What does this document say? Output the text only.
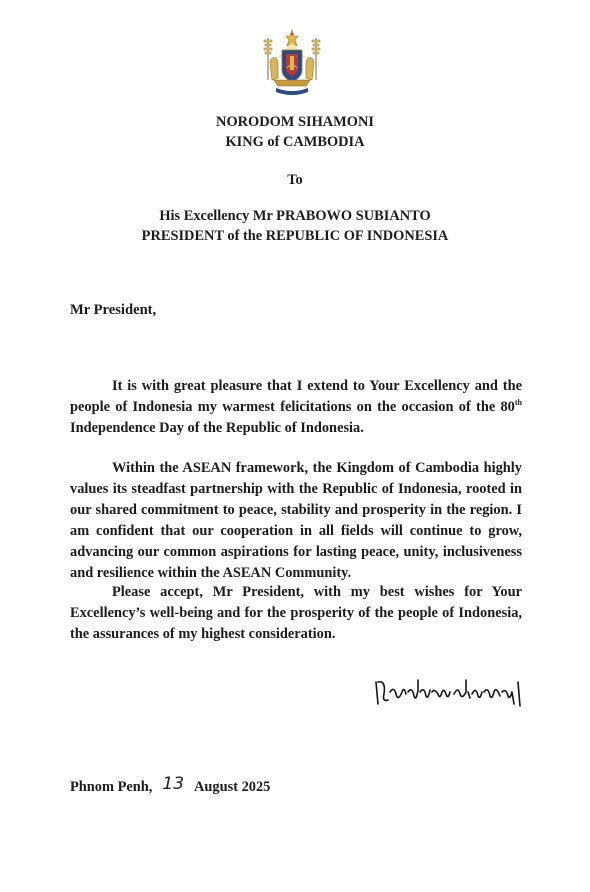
NORODOM SIHAMONI
KING of CAMBODIA
To
His Excellency Mr PRABOWO SUBIANTO
PRESIDENT of the REPUBLIC OF INDONESIA
Mr President,

It is with great pleasure that I extend to Your Excellency and the people of Indonesia my warmest felicitations on the occasion of the 80th Independence Day of the Republic of Indonesia.

Within the ASEAN framework, the Kingdom of Cambodia highly values its steadfast partnership with the Republic of Indonesia, rooted in our shared commitment to peace, stability and prosperity in the region. I am confident that our cooperation in all fields will continue to grow, advancing our common aspirations for lasting peace, unity, inclusiveness and resilience within the ASEAN Community.

Please accept, Mr President, with my best wishes for Your Excellency’s well-being and for the prosperity of the people of Indonesia, the assurances of my highest consideration.

Phnom Penh, 13 August 2025
